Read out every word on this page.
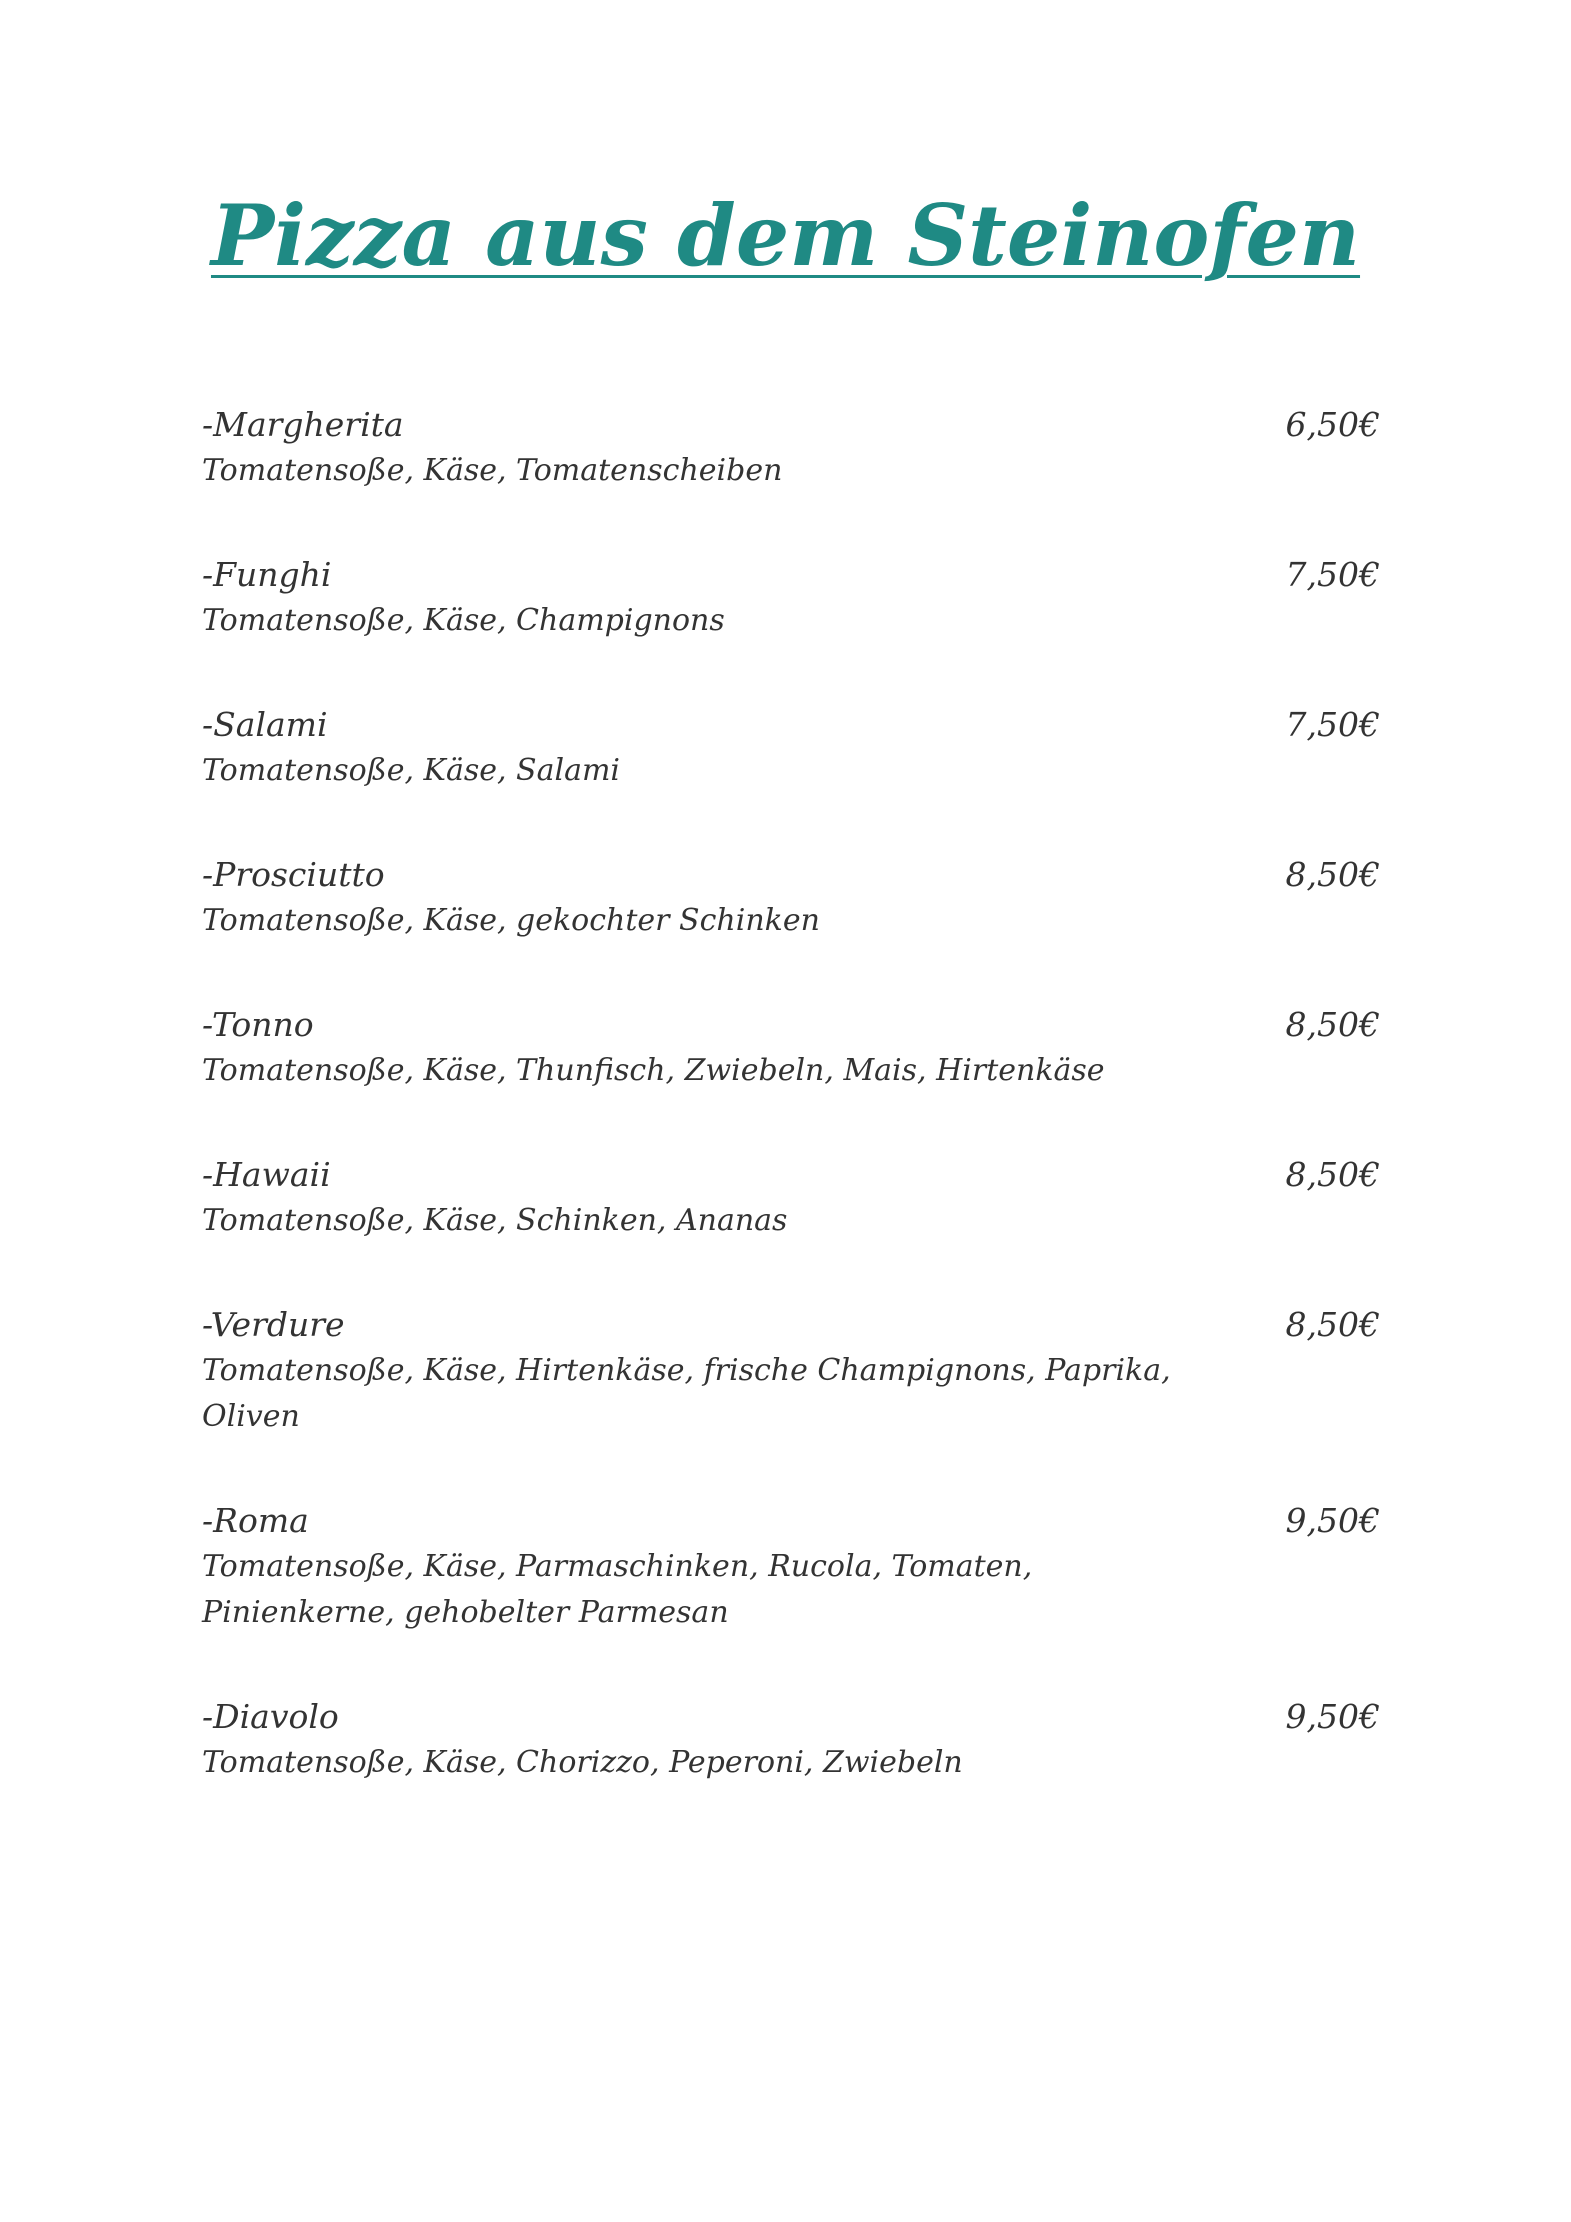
Pizza aus dem Steinofen
-Margherita	6,50€
Tomatensoße, Käse, Tomatenscheiben
-Funghi	7,50€
Tomatensoße, Käse, Champignons
-Salami	7,50€
Tomatensoße, Käse, Salami
-Prosciutto	8,50€
Tomatensoße, Käse, gekochter Schinken
-Tonno	8,50€
Tomatensoße, Käse, Thunfisch, Zwiebeln, Mais, Hirtenkäse
-Hawaii	8,50€
Tomatensoße, Käse, Schinken, Ananas
-Verdure	8,50€
Tomatensoße, Käse, Hirtenkäse, frische Champignons, Paprika, Oliven
-Roma	9,50€
Tomatensoße, Käse, Parmaschinken, Rucola, Tomaten, Pinienkerne, gehobelter Parmesan
-Diavolo	9,50€
Tomatensoße, Käse, Chorizzo, Peperoni, Zwiebeln
